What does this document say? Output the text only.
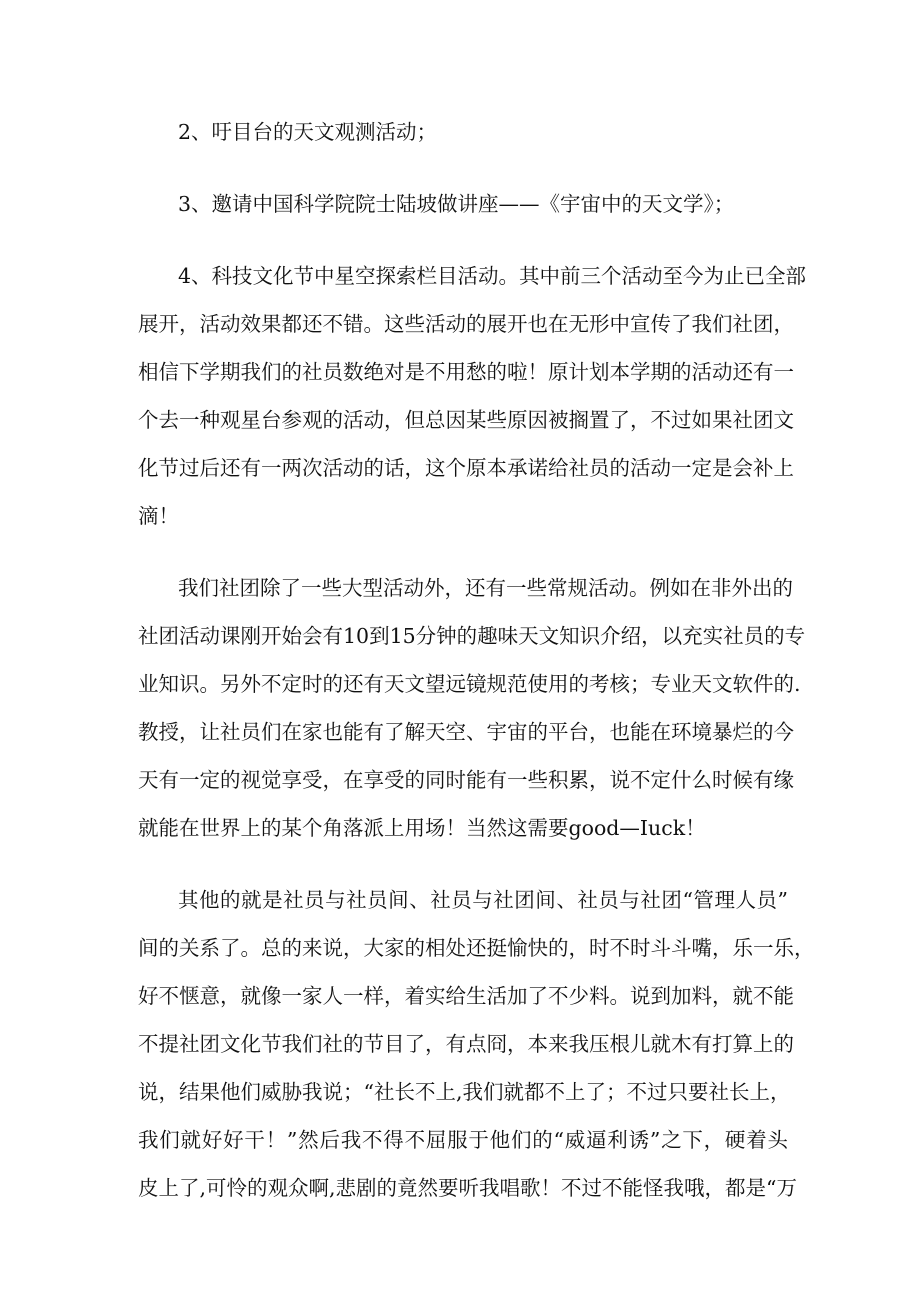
2、吁目台的天文观测活动；

3、邀请中国科学院院士陆坡做讲座——《宇宙中的天文学》；

4、科技文化节中星空探索栏目活动。其中前三个活动至今为止已全部
展开，活动效果都还不错。这些活动的展开也在无形中宣传了我们社团，
相信下学期我们的社员数绝对是不用愁的啦！原计划本学期的活动还有一
个去一种观星台参观的活动，但总因某些原因被搁置了，不过如果社团文
化节过后还有一两次活动的话，这个原本承诺给社员的活动一定是会补上
滴！

我们社团除了一些大型活动外，还有一些常规活动。例如在非外出的
社团活动课刚开始会有10到15分钟的趣味天文知识介绍，以充实社员的专
业知识。另外不定时的还有天文望远镜规范使用的考核；专业天文软件的.
教授，让社员们在家也能有了解天空、宇宙的平台，也能在环境暴烂的今
天有一定的视觉享受，在享受的同时能有一些积累，说不定什么时候有缘
就能在世界上的某个角落派上用场！当然这需要good—Iuck！

其他的就是社员与社员间、社员与社团间、社员与社团“管理人员”
间的关系了。总的来说，大家的相处还挺愉快的，时不时斗斗嘴，乐一乐，
好不惬意，就像一家人一样，着实给生活加了不少料。说到加料，就不能
不提社团文化节我们社的节目了，有点冏，本来我压根儿就木有打算上的
说，结果他们威胁我说；“社长不上,我们就都不上了；不过只要社长上，
我们就好好干！”然后我不得不屈服于他们的“威逼利诱”之下，硬着头
皮上了,可怜的观众啊,悲剧的竟然要听我唱歌！不过不能怪我哦，都是“万
